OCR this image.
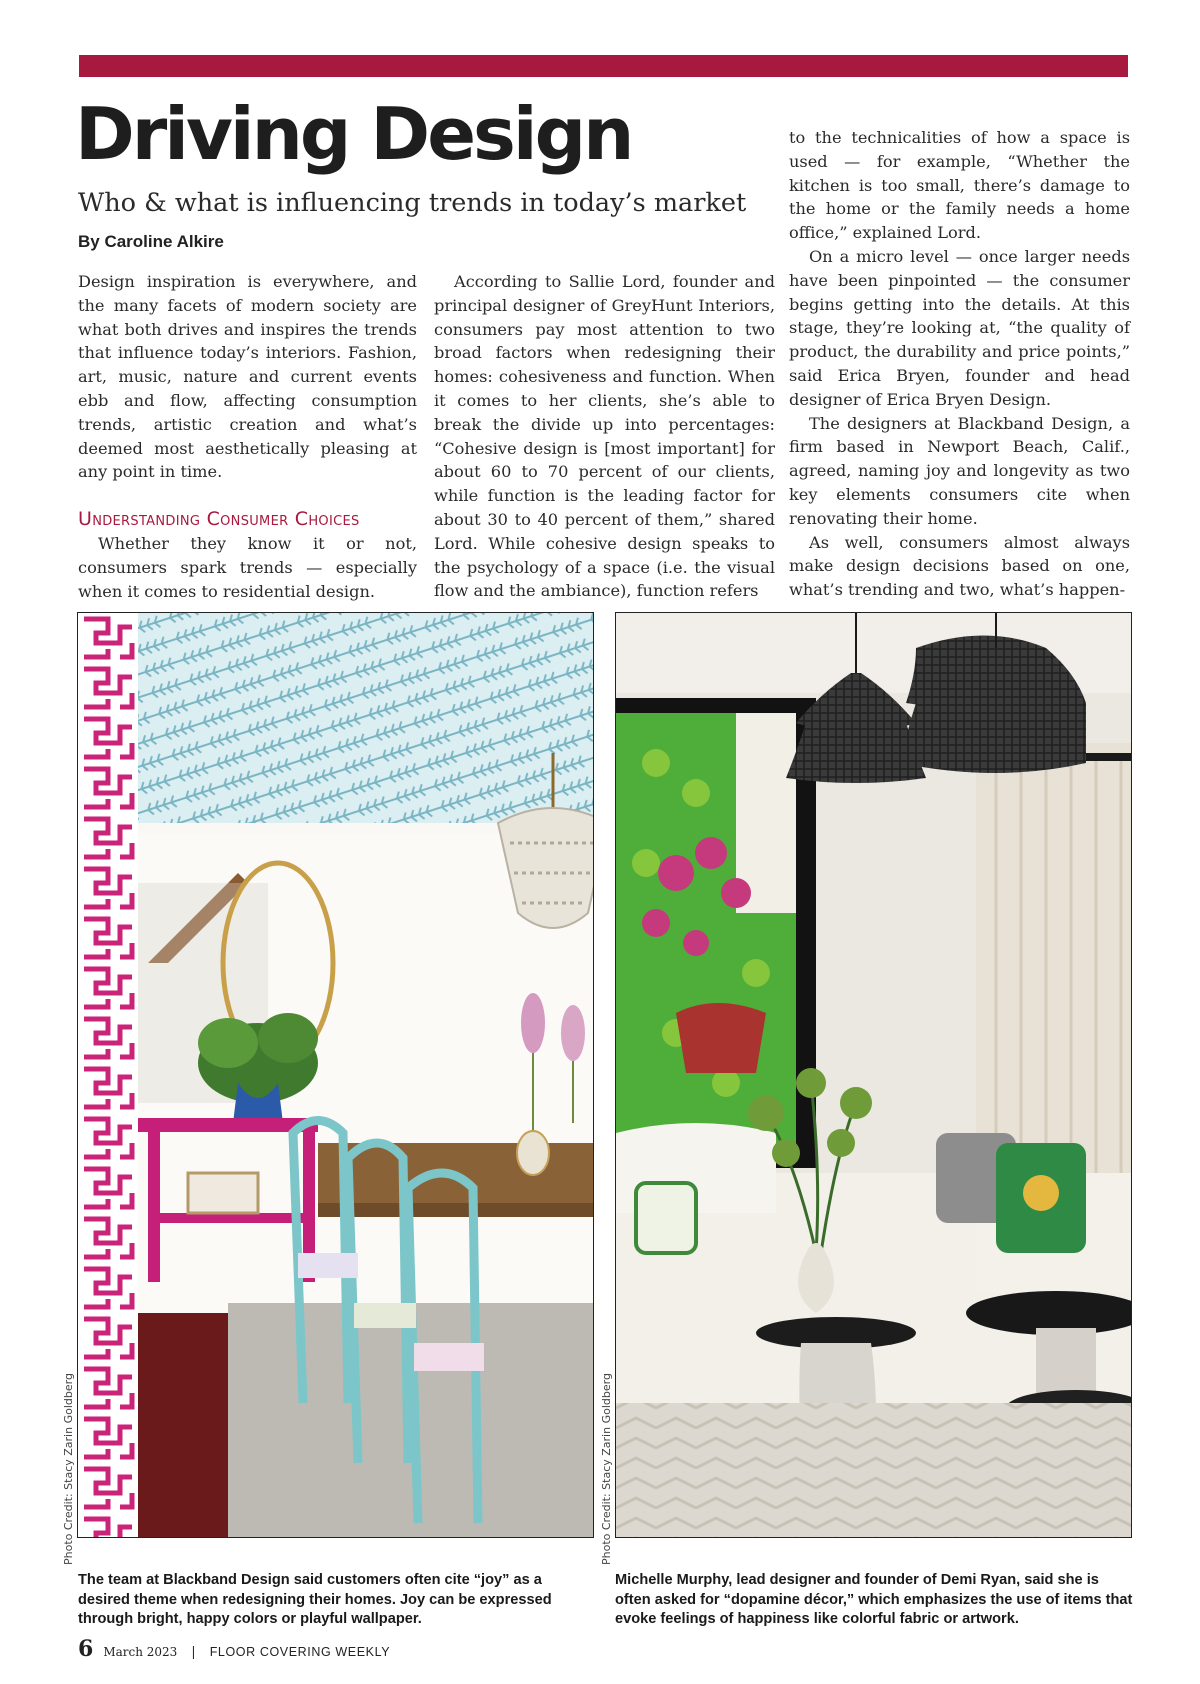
Driving Design
Who & what is influencing trends in today’s market
By Caroline Alkire

Design inspiration is everywhere, and the many facets of modern society are what both drives and inspires the trends that influence today’s interiors. Fashion, art, music, nature and current events ebb and flow, affecting consumption trends, artistic creation and what’s deemed most aesthetically pleasing at any point in time.

Understanding Consumer Choices

Whether they know it or not, consumers spark trends — especially when it comes to residential design.

According to Sallie Lord, founder and principal designer of GreyHunt Interiors, consumers pay most attention to two broad factors when redesigning their homes: cohesiveness and function. When it comes to her clients, she’s able to break the divide up into percentages: “Cohesive design is [most important] for about 60 to 70 percent of our clients, while function is the leading factor for about 30 to 40 percent of them,” shared Lord. While cohesive design speaks to the psychology of a space (i.e. the visual flow and the ambiance), function refers

to the technicalities of how a space is used — for example, “Whether the kitchen is too small, there’s damage to the home or the family needs a home office,” explained Lord.

On a micro level — once larger needs have been pinpointed — the consumer begins getting into the details. At this stage, they’re looking at, “the quality of product, the durability and price points,” said Erica Bryen, founder and head designer of Erica Bryen Design.

The designers at Blackband Design, a firm based in Newport Beach, Calif., agreed, naming joy and longevity as two key elements consumers cite when renovating their home.

As well, consumers almost always make design decisions based on one, what’s trending and two, what’s happen-

Photo Credit: Stacy Zarin Goldberg	Photo Credit: Stacy Zarin Goldberg
The team at Blackband Design said customers often cite “joy” as a desired theme when redesigning their homes. Joy can be expressed through bright, happy colors or playful wallpaper.
Michelle Murphy, lead designer and founder of Demi Ryan, said she is often asked for “dopamine décor,” which emphasizes the use of items that evoke feelings of happiness like colorful fabric or artwork.
6 March 2023 | FLOOR COVERING WEEKLY
